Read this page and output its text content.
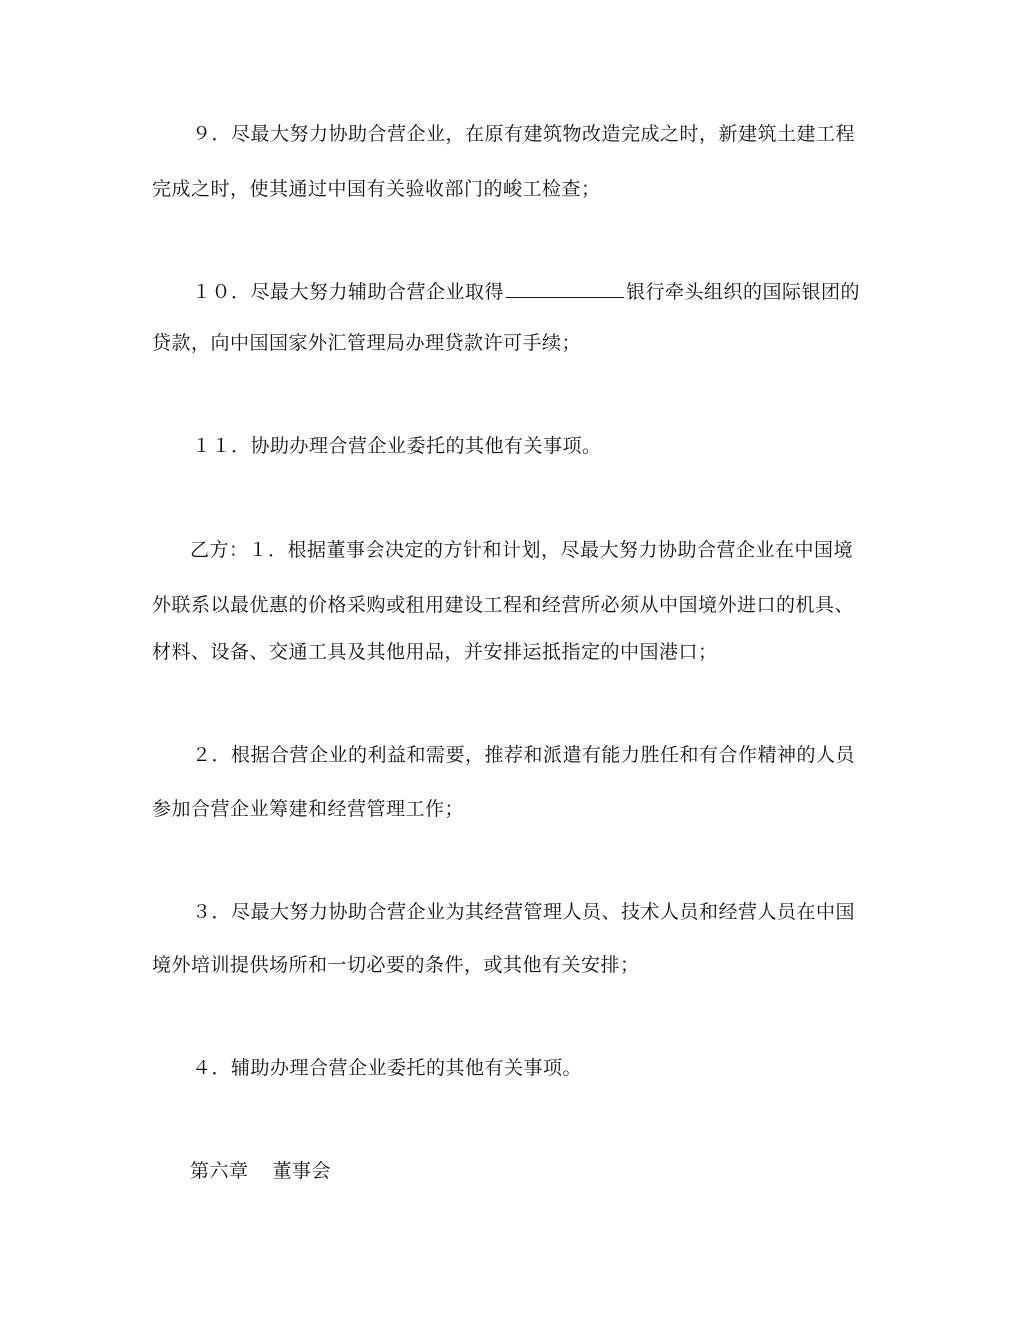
９．尽最大努力协助合营企业，在原有建筑物改造完成之时，新建筑土建工程
完成之时，使其通过中国有关验收部门的峻工检查；
１０．尽最大努力辅助合营企业取得	银行牵头组织的国际银团的
贷款，向中国国家外汇管理局办理贷款许可手续；
１１．协助办理合营企业委托的其他有关事项。
乙方：１．根据董事会决定的方针和计划，尽最大努力协助合营企业在中国境
外联系以最优惠的价格采购或租用建设工程和经营所必须从中国境外进口的机具、
材料、设备、交通工具及其他用品，并安排运抵指定的中国港口；
２．根据合营企业的利益和需要，推荐和派遣有能力胜任和有合作精神的人员
参加合营企业筹建和经营管理工作；
３．尽最大努力协助合营企业为其经营管理人员、技术人员和经营人员在中国
境外培训提供场所和一切必要的条件，或其他有关安排；
４．辅助办理合营企业委托的其他有关事项。
第六章 董事会
